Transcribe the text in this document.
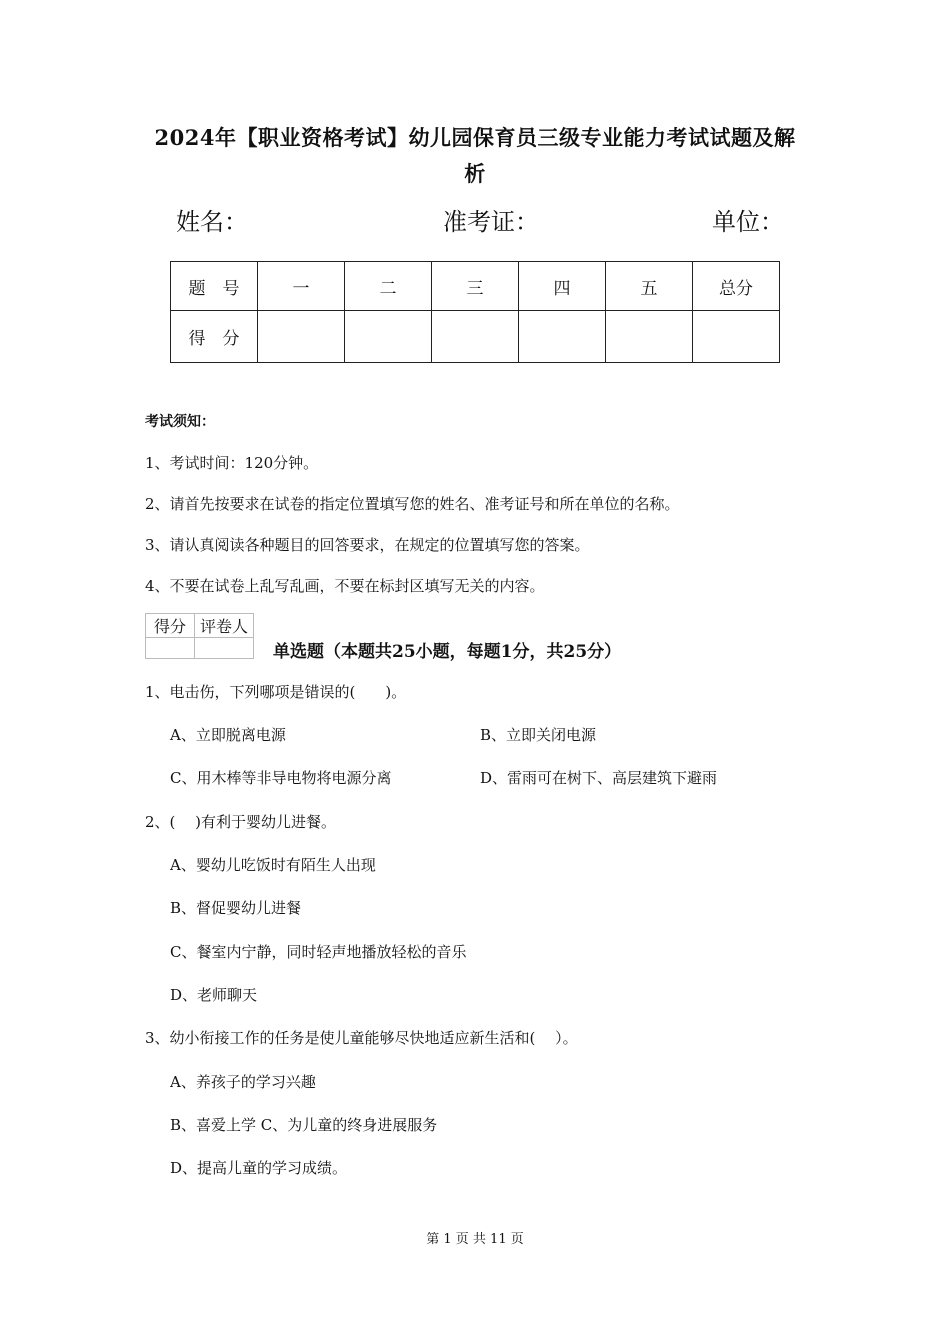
2024年【职业资格考试】幼儿园保育员三级专业能力考试试题及解
析
姓名：	准考证：	单位：
题　号	一	二	三	四	五	总分
得　分						
考试须知：
1、考试时间：120分钟。
2、请首先按要求在试卷的指定位置填写您的姓名、准考证号和所在单位的名称。
3、请认真阅读各种题目的回答要求，在规定的位置填写您的答案。
4、不要在试卷上乱写乱画，不要在标封区填写无关的内容。
得分	评卷人

单选题（本题共25小题，每题1分，共25分）
1、电击伤，下列哪项是错误的(　　)。
A、立即脱离电源	B、立即关闭电源
C、用木棒等非导电物将电源分离	D、雷雨可在树下、高层建筑下避雨
2、(　 )有利于婴幼儿进餐。
A、婴幼儿吃饭时有陌生人出现
B、督促婴幼儿进餐
C、餐室内宁静，同时轻声地播放轻松的音乐
D、老师聊天
3、幼小衔接工作的任务是使儿童能够尽快地适应新生活和(　 ）。
A、养孩子的学习兴趣
B、喜爱上学 C、为儿童的终身进展服务
D、提高儿童的学习成绩。
第 1 页 共 11 页
